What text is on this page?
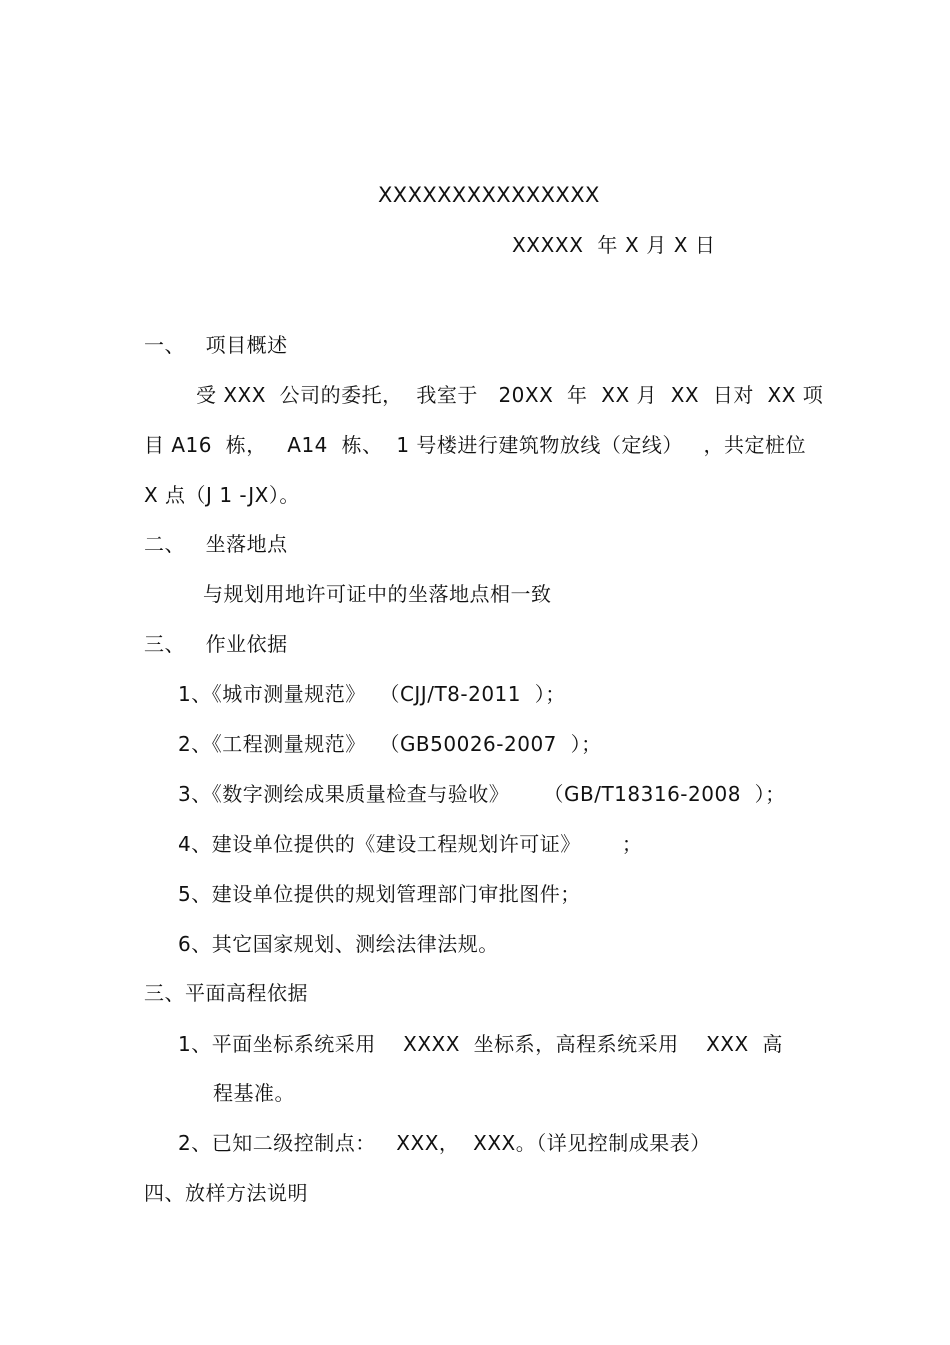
XXXXXXXXXXXXXXX
XXXXX  年 X 月 X 日
一、   项目概述
受 XXX  公司的委托，  我室于   20XX  年  XX 月  XX  日对  XX 项
目 A16  栋，   A14  栋、  1 号楼进行建筑物放线（定线）   ，共定桩位
X 点（J 1 -JX）。
二、   坐落地点
与规划用地许可证中的坐落地点相一致
三、   作业依据
1、《城市测量规范》  （CJJ/T8-2011  ）；
2、《工程测量规范》  （GB50026-2007  ）；
3、《数字测绘成果质量检查与验收》     （GB/T18316-2008  ）；
4、建设单位提供的《建设工程规划许可证》      ；
5、建设单位提供的规划管理部门审批图件；
6、其它国家规划、测绘法律法规。
三、平面高程依据
1、平面坐标系统采用    XXXX  坐标系，高程系统采用    XXX  高
程基准。
2、已知二级控制点：   XXX，  XXX。（详见控制成果表）
四、放样方法说明
